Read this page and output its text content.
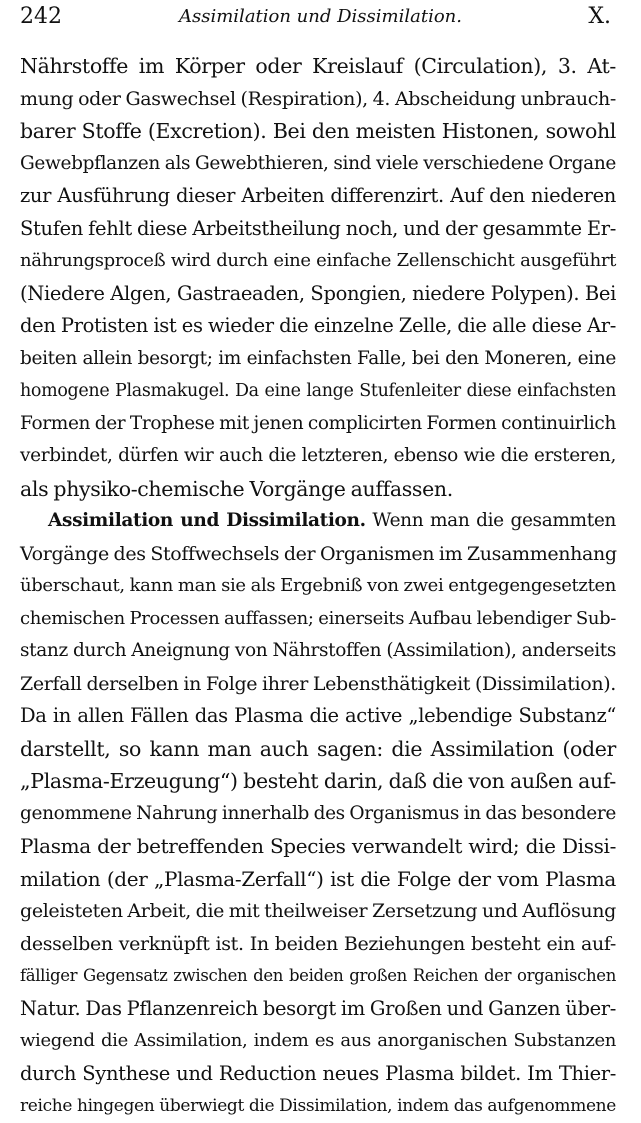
242	Assimilation und Dissimilation.	X.
Nährstoffe im Körper oder Kreislauf (Circulation), 3. At-
mung oder Gaswechsel (Respiration), 4. Abscheidung unbrauch-
barer Stoffe (Excretion). Bei den meisten Histonen, sowohl
Gewebpflanzen als Gewebthieren, sind viele verschiedene Organe
zur Ausführung dieser Arbeiten differenzirt. Auf den niederen
Stufen fehlt diese Arbeitstheilung noch, und der gesammte Er-
nährungsproceß wird durch eine einfache Zellenschicht ausgeführt
(Niedere Algen, Gastraeaden, Spongien, niedere Polypen). Bei
den Protisten ist es wieder die einzelne Zelle, die alle diese Ar-
beiten allein besorgt; im einfachsten Falle, bei den Moneren, eine
homogene Plasmakugel. Da eine lange Stufenleiter diese einfachsten
Formen der Trophese mit jenen complicirten Formen continuirlich
verbindet, dürfen wir auch die letzteren, ebenso wie die ersteren,
als physiko-chemische Vorgänge auffassen.
Assimilation und Dissimilation. Wenn man die gesammten
Vorgänge des Stoffwechsels der Organismen im Zusammenhang
überschaut, kann man sie als Ergebniß von zwei entgegengesetzten
chemischen Processen auffassen; einerseits Aufbau lebendiger Sub-
stanz durch Aneignung von Nährstoffen (Assimilation), anderseits
Zerfall derselben in Folge ihrer Lebensthätigkeit (Dissimilation).
Da in allen Fällen das Plasma die active „lebendige Substanz“
darstellt, so kann man auch sagen: die Assimilation (oder
„Plasma-Erzeugung“) besteht darin, daß die von außen auf-
genommene Nahrung innerhalb des Organismus in das besondere
Plasma der betreffenden Species verwandelt wird; die Dissi-
milation (der „Plasma-Zerfall“) ist die Folge der vom Plasma
geleisteten Arbeit, die mit theilweiser Zersetzung und Auflösung
desselben verknüpft ist. In beiden Beziehungen besteht ein auf-
fälliger Gegensatz zwischen den beiden großen Reichen der organischen
Natur. Das Pflanzenreich besorgt im Großen und Ganzen über-
wiegend die Assimilation, indem es aus anorganischen Substanzen
durch Synthese und Reduction neues Plasma bildet. Im Thier-
reiche hingegen überwiegt die Dissimilation, indem das aufgenommene
